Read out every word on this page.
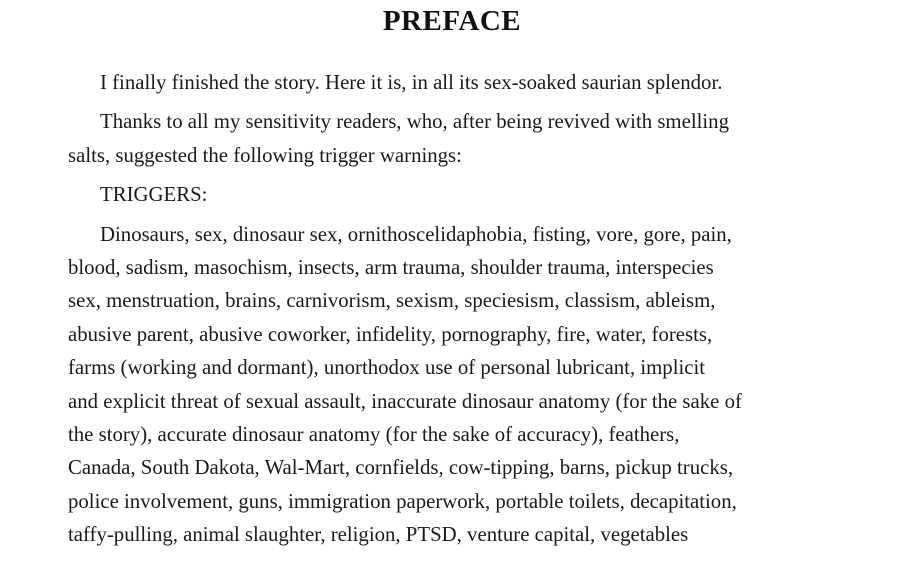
PREFACE

I finally finished the story. Here it is, in all its sex-soaked saurian splendor.

Thanks to all my sensitivity readers, who, after being revived with smelling
salts, suggested the following trigger warnings:

TRIGGERS:

Dinosaurs, sex, dinosaur sex, ornithoscelidaphobia, fisting, vore, gore, pain,
blood, sadism, masochism, insects, arm trauma, shoulder trauma, interspecies
sex, menstruation, brains, carnivorism, sexism, speciesism, classism, ableism,
abusive parent, abusive coworker, infidelity, pornography, fire, water, forests,
farms (working and dormant), unorthodox use of personal lubricant, implicit
and explicit threat of sexual assault, inaccurate dinosaur anatomy (for the sake of
the story), accurate dinosaur anatomy (for the sake of accuracy), feathers,
Canada, South Dakota, Wal-Mart, cornfields, cow-tipping, barns, pickup trucks,
police involvement, guns, immigration paperwork, portable toilets, decapitation,
taffy-pulling, animal slaughter, religion, PTSD, venture capital, vegetables
